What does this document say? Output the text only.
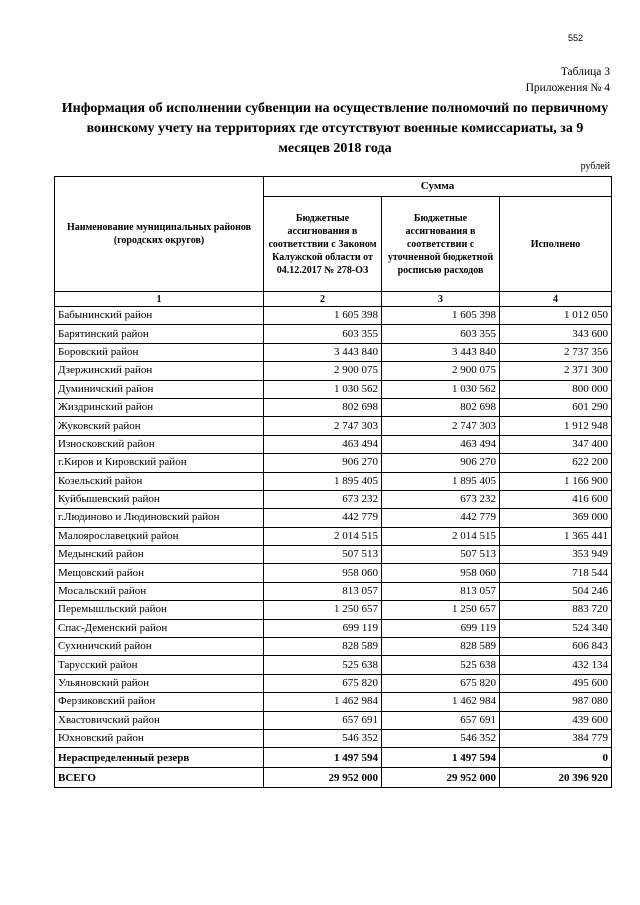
552
Таблица 3
Приложения № 4
Информация об исполнении субвенции на осуществление полномочий по первичному воинскому учету на территориях где отсутствуют военные комиссариаты, за 9 месяцев 2018 года
рублей
Наименование муниципальных районов (городских округов)	Сумма		
	Бюджетные ассигнования в соответствии с Законом Калужской области от 04.12.2017 № 278-ОЗ	Бюджетные ассигнования в соответствии с уточненной бюджетной росписью расходов	Исполнено
1	2	3	4
Бабынинский район	1 605 398	1 605 398	1 012 050
Барятинский район	603 355	603 355	343 600
Боровский район	3 443 840	3 443 840	2 737 356
Дзержинский район	2 900 075	2 900 075	2 371 300
Думиничский район	1 030 562	1 030 562	800 000
Жиздринский район	802 698	802 698	601 290
Жуковский район	2 747 303	2 747 303	1 912 948
Износковский район	463 494	463 494	347 400
г.Киров и Кировский район	906 270	906 270	622 200
Козельский район	1 895 405	1 895 405	1 166 900
Куйбышевский район	673 232	673 232	416 600
г.Людиново и Людиновский район	442 779	442 779	369 000
Малоярославецкий район	2 014 515	2 014 515	1 365 441
Медынский район	507 513	507 513	353 949
Мещовский район	958 060	958 060	718 544
Мосальский район	813 057	813 057	504 246
Перемышльский район	1 250 657	1 250 657	883 720
Спас-Деменский район	699 119	699 119	524 340
Сухиничский район	828 589	828 589	606 843
Тарусский район	525 638	525 638	432 134
Ульяновский район	675 820	675 820	495 600
Ферзиковский район	1 462 984	1 462 984	987 080
Хвастовичский район	657 691	657 691	439 600
Юхновский район	546 352	546 352	384 779
Нераспределенный резерв	1 497 594	1 497 594	0
ВСЕГО	29 952 000	29 952 000	20 396 920
